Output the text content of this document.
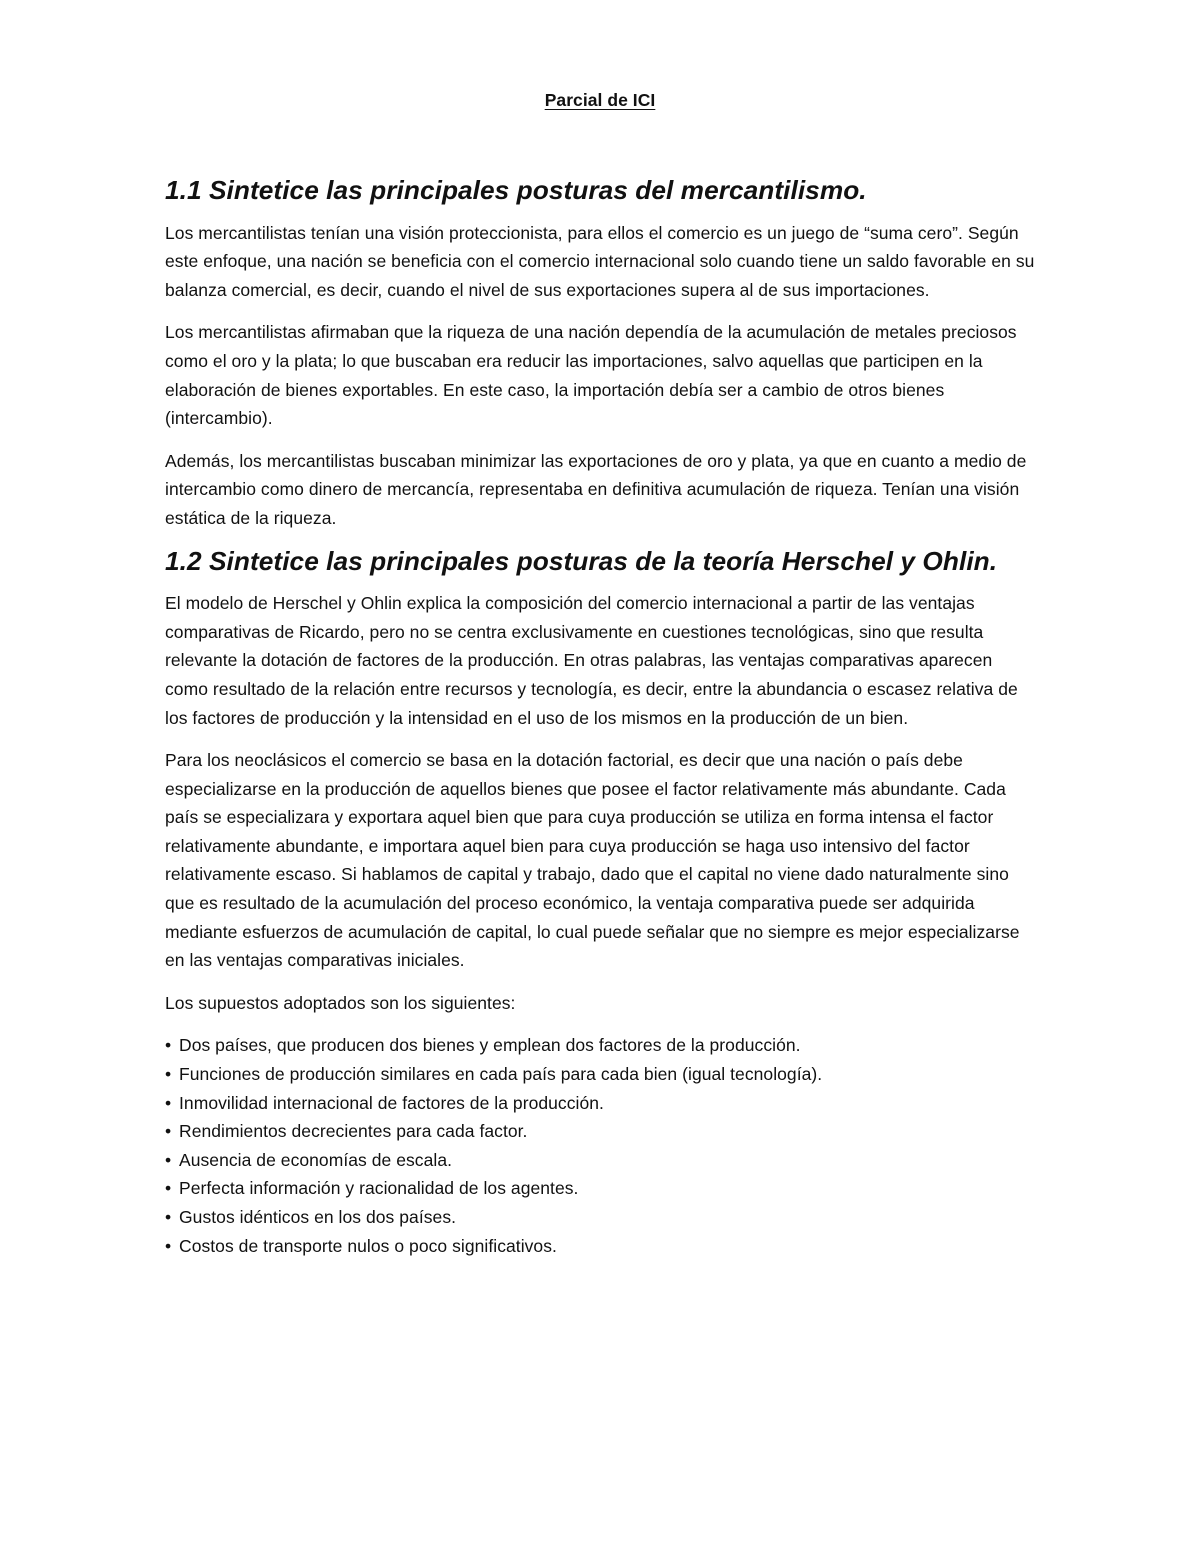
Parcial de ICI
1.1 Sintetice las principales posturas del mercantilismo.

Los mercantilistas tenían una visión proteccionista, para ellos el comercio es un juego de “suma cero”. Según este enfoque, una nación se beneficia con el comercio internacional solo cuando tiene un saldo favorable en su balanza comercial, es decir, cuando el nivel de sus exportaciones supera al de sus importaciones.

Los mercantilistas afirmaban que la riqueza de una nación dependía de la acumulación de metales preciosos como el oro y la plata; lo que buscaban era reducir las importaciones, salvo aquellas que participen en la elaboración de bienes exportables. En este caso, la importación debía ser a cambio de otros bienes (intercambio).

Además, los mercantilistas buscaban minimizar las exportaciones de oro y plata, ya que en cuanto a medio de intercambio como dinero de mercancía, representaba en definitiva acumulación de riqueza. Tenían una visión estática de la riqueza.

1.2 Sintetice las principales posturas de la teoría Herschel y Ohlin.

El modelo de Herschel y Ohlin explica la composición del comercio internacional a partir de las ventajas comparativas de Ricardo, pero no se centra exclusivamente en cuestiones tecnológicas, sino que resulta relevante la dotación de factores de la producción. En otras palabras, las ventajas comparativas aparecen como resultado de la relación entre recursos y tecnología, es decir, entre la abundancia o escasez relativa de los factores de producción y la intensidad en el uso de los mismos en la producción de un bien.

Para los neoclásicos el comercio se basa en la dotación factorial, es decir que una nación o país debe especializarse en la producción de aquellos bienes que posee el factor relativamente más abundante. Cada país se especializara y exportara aquel bien que para cuya producción se utiliza en forma intensa el factor relativamente abundante, e importara aquel bien para cuya producción se haga uso intensivo del factor relativamente escaso. Si hablamos de capital y trabajo, dado que el capital no viene dado naturalmente sino que es resultado de la acumulación del proceso económico, la ventaja comparativa puede ser adquirida mediante esfuerzos de acumulación de capital, lo cual puede señalar que no siempre es mejor especializarse en las ventajas comparativas iniciales.

Los supuestos adoptados son los siguientes:

• Dos países, que producen dos bienes y emplean dos factores de la producción.
• Funciones de producción similares en cada país para cada bien (igual tecnología).
• Inmovilidad internacional de factores de la producción.
• Rendimientos decrecientes para cada factor.
• Ausencia de economías de escala.
• Perfecta información y racionalidad de los agentes.
• Gustos idénticos en los dos países.
• Costos de transporte nulos o poco significativos.
